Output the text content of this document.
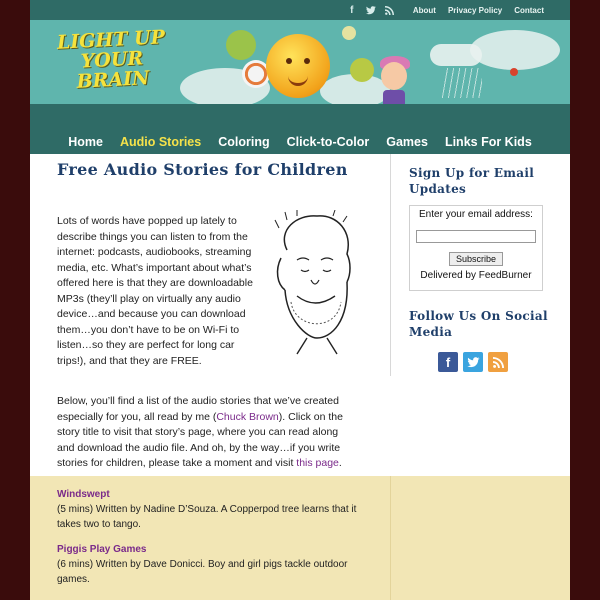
f	About Privacy Policy Contact
LIGHT UP
YOUR
BRAIN
Home Audio Stories Coloring Click-to-Color Games Links For Kids
Free Audio Stories for Children

Lots of words have popped up lately to describe things you can listen to from the internet: podcasts, audiobooks, streaming media, etc. What’s important about what’s offered here is that they are downloadable MP3s (they’ll play on virtually any audio device…and because you can download them…you don’t have to be on Wi-Fi to listen…so they are perfect for long car trips!), and that they are FREE.

Below, you’ll find a list of the audio stories that we’ve created especially for you, all read by me (Chuck Brown). Click on the story title to visit that story’s page, where you can read along and download the audio file. And oh, by the way…if you write stories for children, please take a moment and visit this page.

Sign Up for Email Updates
Enter your email address:
Subscribe
Delivered by FeedBurner
Follow Us On Social Media
f
Windswept
(5 mins) Written by Nadine D’Souza. A Copperpod tree learns that it takes two to tango.
Piggis Play Games
(6 mins) Written by Dave Donicci. Boy and girl pigs tackle outdoor games.
